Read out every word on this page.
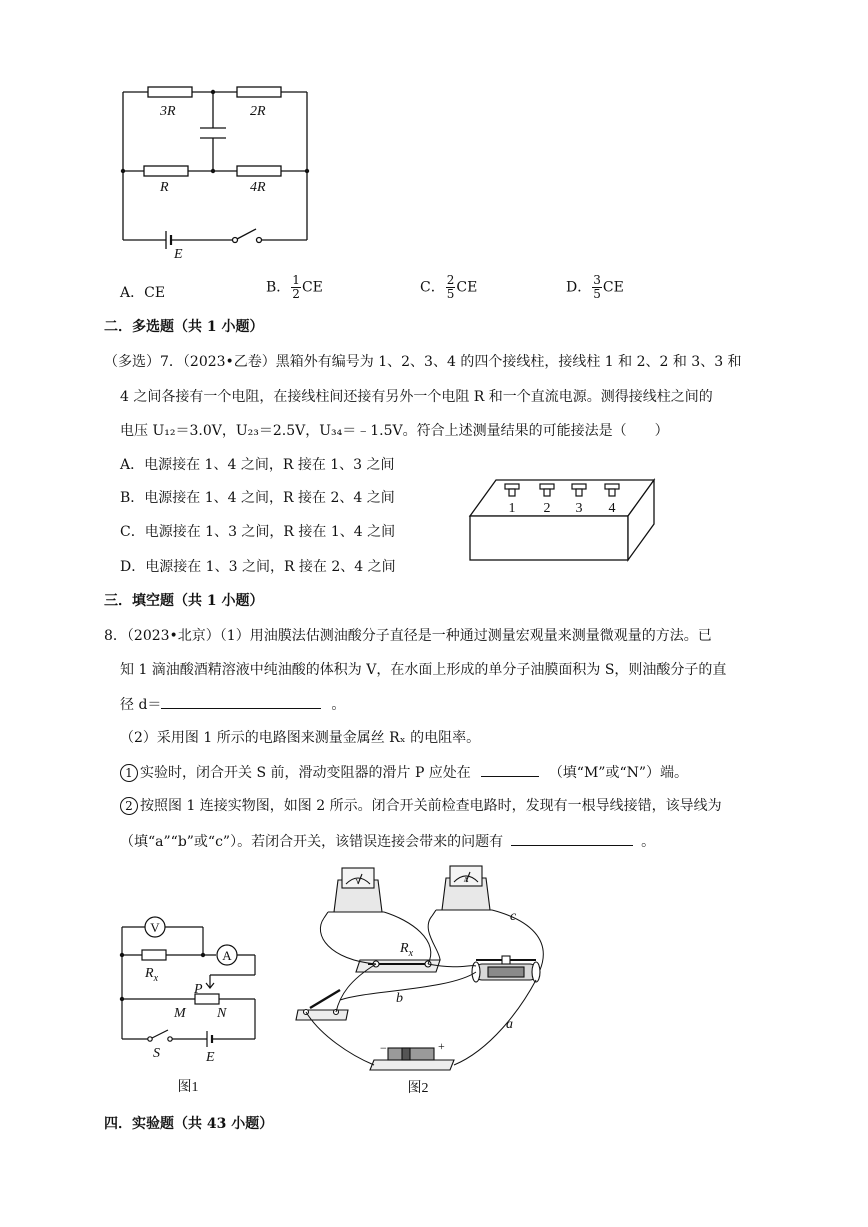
3R	2R
R	4R
E
A．CE	B． $\frac{1}{2}$ CE	C． $\frac{2}{5}$ CE	D． $\frac{3}{5}$ CE
二．多选题（共 1 小题）
（多选）7．（2023•乙卷）黑箱外有编号为 1、2、3、4 的四个接线柱，接线柱 1 和 2、2 和 3、3 和
4 之间各接有一个电阻，在接线柱间还接有另外一个电阻 R 和一个直流电源。测得接线柱之间的
电压 U₁₂＝3.0V，U₂₃＝2.5V，U₃₄＝﹣1.5V。符合上述测量结果的可能接法是（　　）
A．电源接在 1、4 之间，R 接在 1、3 之间
B．电源接在 1、4 之间，R 接在 2、4 之间
C．电源接在 1、3 之间，R 接在 1、4 之间
D．电源接在 1、3 之间，R 接在 2、4 之间
1 2 3 4
三．填空题（共 1 小题）
8．（2023•北京）（1）用油膜法估测油酸分子直径是一种通过测量宏观量来测量微观量的方法。已
知 1 滴油酸酒精溶液中纯油酸的体积为 V，在水面上形成的单分子油膜面积为 S，则油酸分子的直
径 d＝	。
（2）采用图 1 所示的电路图来测量金属丝 Rₓ 的电阻率。
1 实验时，闭合开关 S 前，滑动变阻器的滑片 P 应处在	（填“M”或“N”）端。
2 按照图 1 连接实物图，如图 2 所示。闭合开关前检查电路时，发现有一根导线接错，该导线为
（填“a”“b”或“c”）。若闭合开关，该错误连接会带来的问题有	。
V
A
$R_x$
P
M N
S	E
图1
V	A
−	+
$R_x$
b
a
c
图2
四．实验题（共 43 小题）
